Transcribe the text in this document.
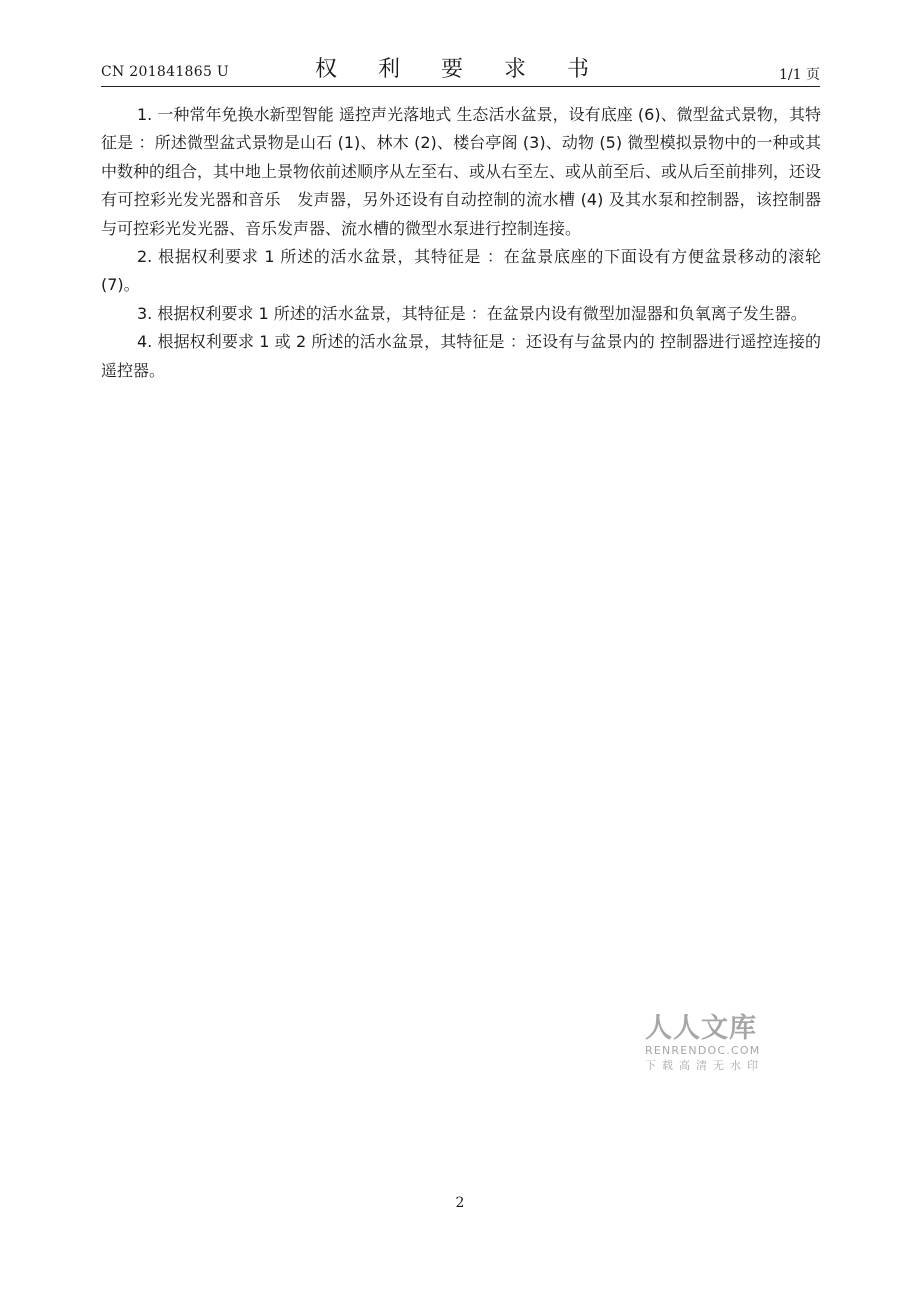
CN 201841865 U	权 利 要 求 书	1/1 页

1. 一种常年免换水新型智能 遥控声光落地式 生态活水盆景，设有底座 (6)、微型盆式景物，其特征是 ：所述微型盆式景物是山石 (1)、林木 (2)、楼台亭阁 (3)、动物 (5) 微型模拟景物中的一种或其中数种的组合，其中地上景物依前述顺序从左至右、或从右至左、或从前至后、或从后至前排列，还设有可控彩光发光器和音乐　发声器，另外还设有自动控制的流水槽 (4) 及其水泵和控制器，该控制器与可控彩光发光器、音乐发声器、流水槽的微型水泵进行控制连接。

2. 根据权利要求 1 所述的活水盆景，其特征是 ：在盆景底座的下面设有方便盆景移动的滚轮 (7)。

3. 根据权利要求 1 所述的活水盆景，其特征是 ：在盆景内设有微型加湿器和负氧离子发生器。

4. 根据权利要求 1 或 2 所述的活水盆景，其特征是 ：还设有与盆景内的 控制器进行遥控连接的遥控器。

人人文库
RENRENDOC.COM
下载高清无水印
2
